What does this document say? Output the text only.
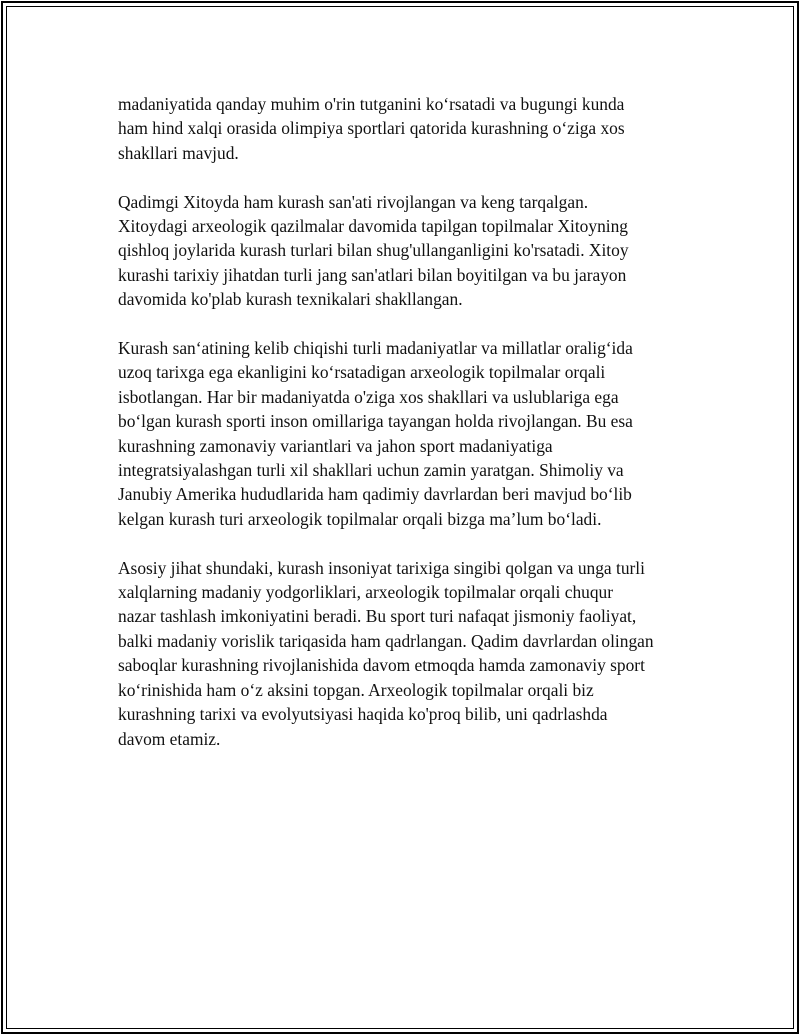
madaniyatida qanday muhim o'rin tutganini ko‘rsatadi va bugungi kunda
ham hind xalqi orasida olimpiya sportlari qatorida kurashning o‘ziga xos
shakllari mavjud.

Qadimgi Xitoyda ham kurash san'ati rivojlangan va keng tarqalgan.
Xitoydagi arxeologik qazilmalar davomida tapilgan topilmalar Xitoyning
qishloq joylarida kurash turlari bilan shug'ullanganligini ko'rsatadi. Xitoy
kurashi tarixiy jihatdan turli jang san'atlari bilan boyitilgan va bu jarayon
davomida ko'plab kurash texnikalari shakllangan.

Kurash san‘atining kelib chiqishi turli madaniyatlar va millatlar oralig‘ida
uzoq tarixga ega ekanligini ko‘rsatadigan arxeologik topilmalar orqali
isbotlangan. Har bir madaniyatda o'ziga xos shakllari va uslublariga ega
bo‘lgan kurash sporti inson omillariga tayangan holda rivojlangan. Bu esa
kurashning zamonaviy variantlari va jahon sport madaniyatiga
integratsiyalashgan turli xil shakllari uchun zamin yaratgan. Shimoliy va
Janubiy Amerika hududlarida ham qadimiy davrlardan beri mavjud bo‘lib
kelgan kurash turi arxeologik topilmalar orqali bizga ma’lum bo‘ladi.

Asosiy jihat shundaki, kurash insoniyat tarixiga singibi qolgan va unga turli
xalqlarning madaniy yodgorliklari, arxeologik topilmalar orqali chuqur
nazar tashlash imkoniyatini beradi. Bu sport turi nafaqat jismoniy faoliyat,
balki madaniy vorislik tariqasida ham qadrlangan. Qadim davrlardan olingan
saboqlar kurashning rivojlanishida davom etmoqda hamda zamonaviy sport
ko‘rinishida ham o‘z aksini topgan. Arxeologik topilmalar orqali biz
kurashning tarixi va evolyutsiyasi haqida ko'proq bilib, uni qadrlashda
davom etamiz.
